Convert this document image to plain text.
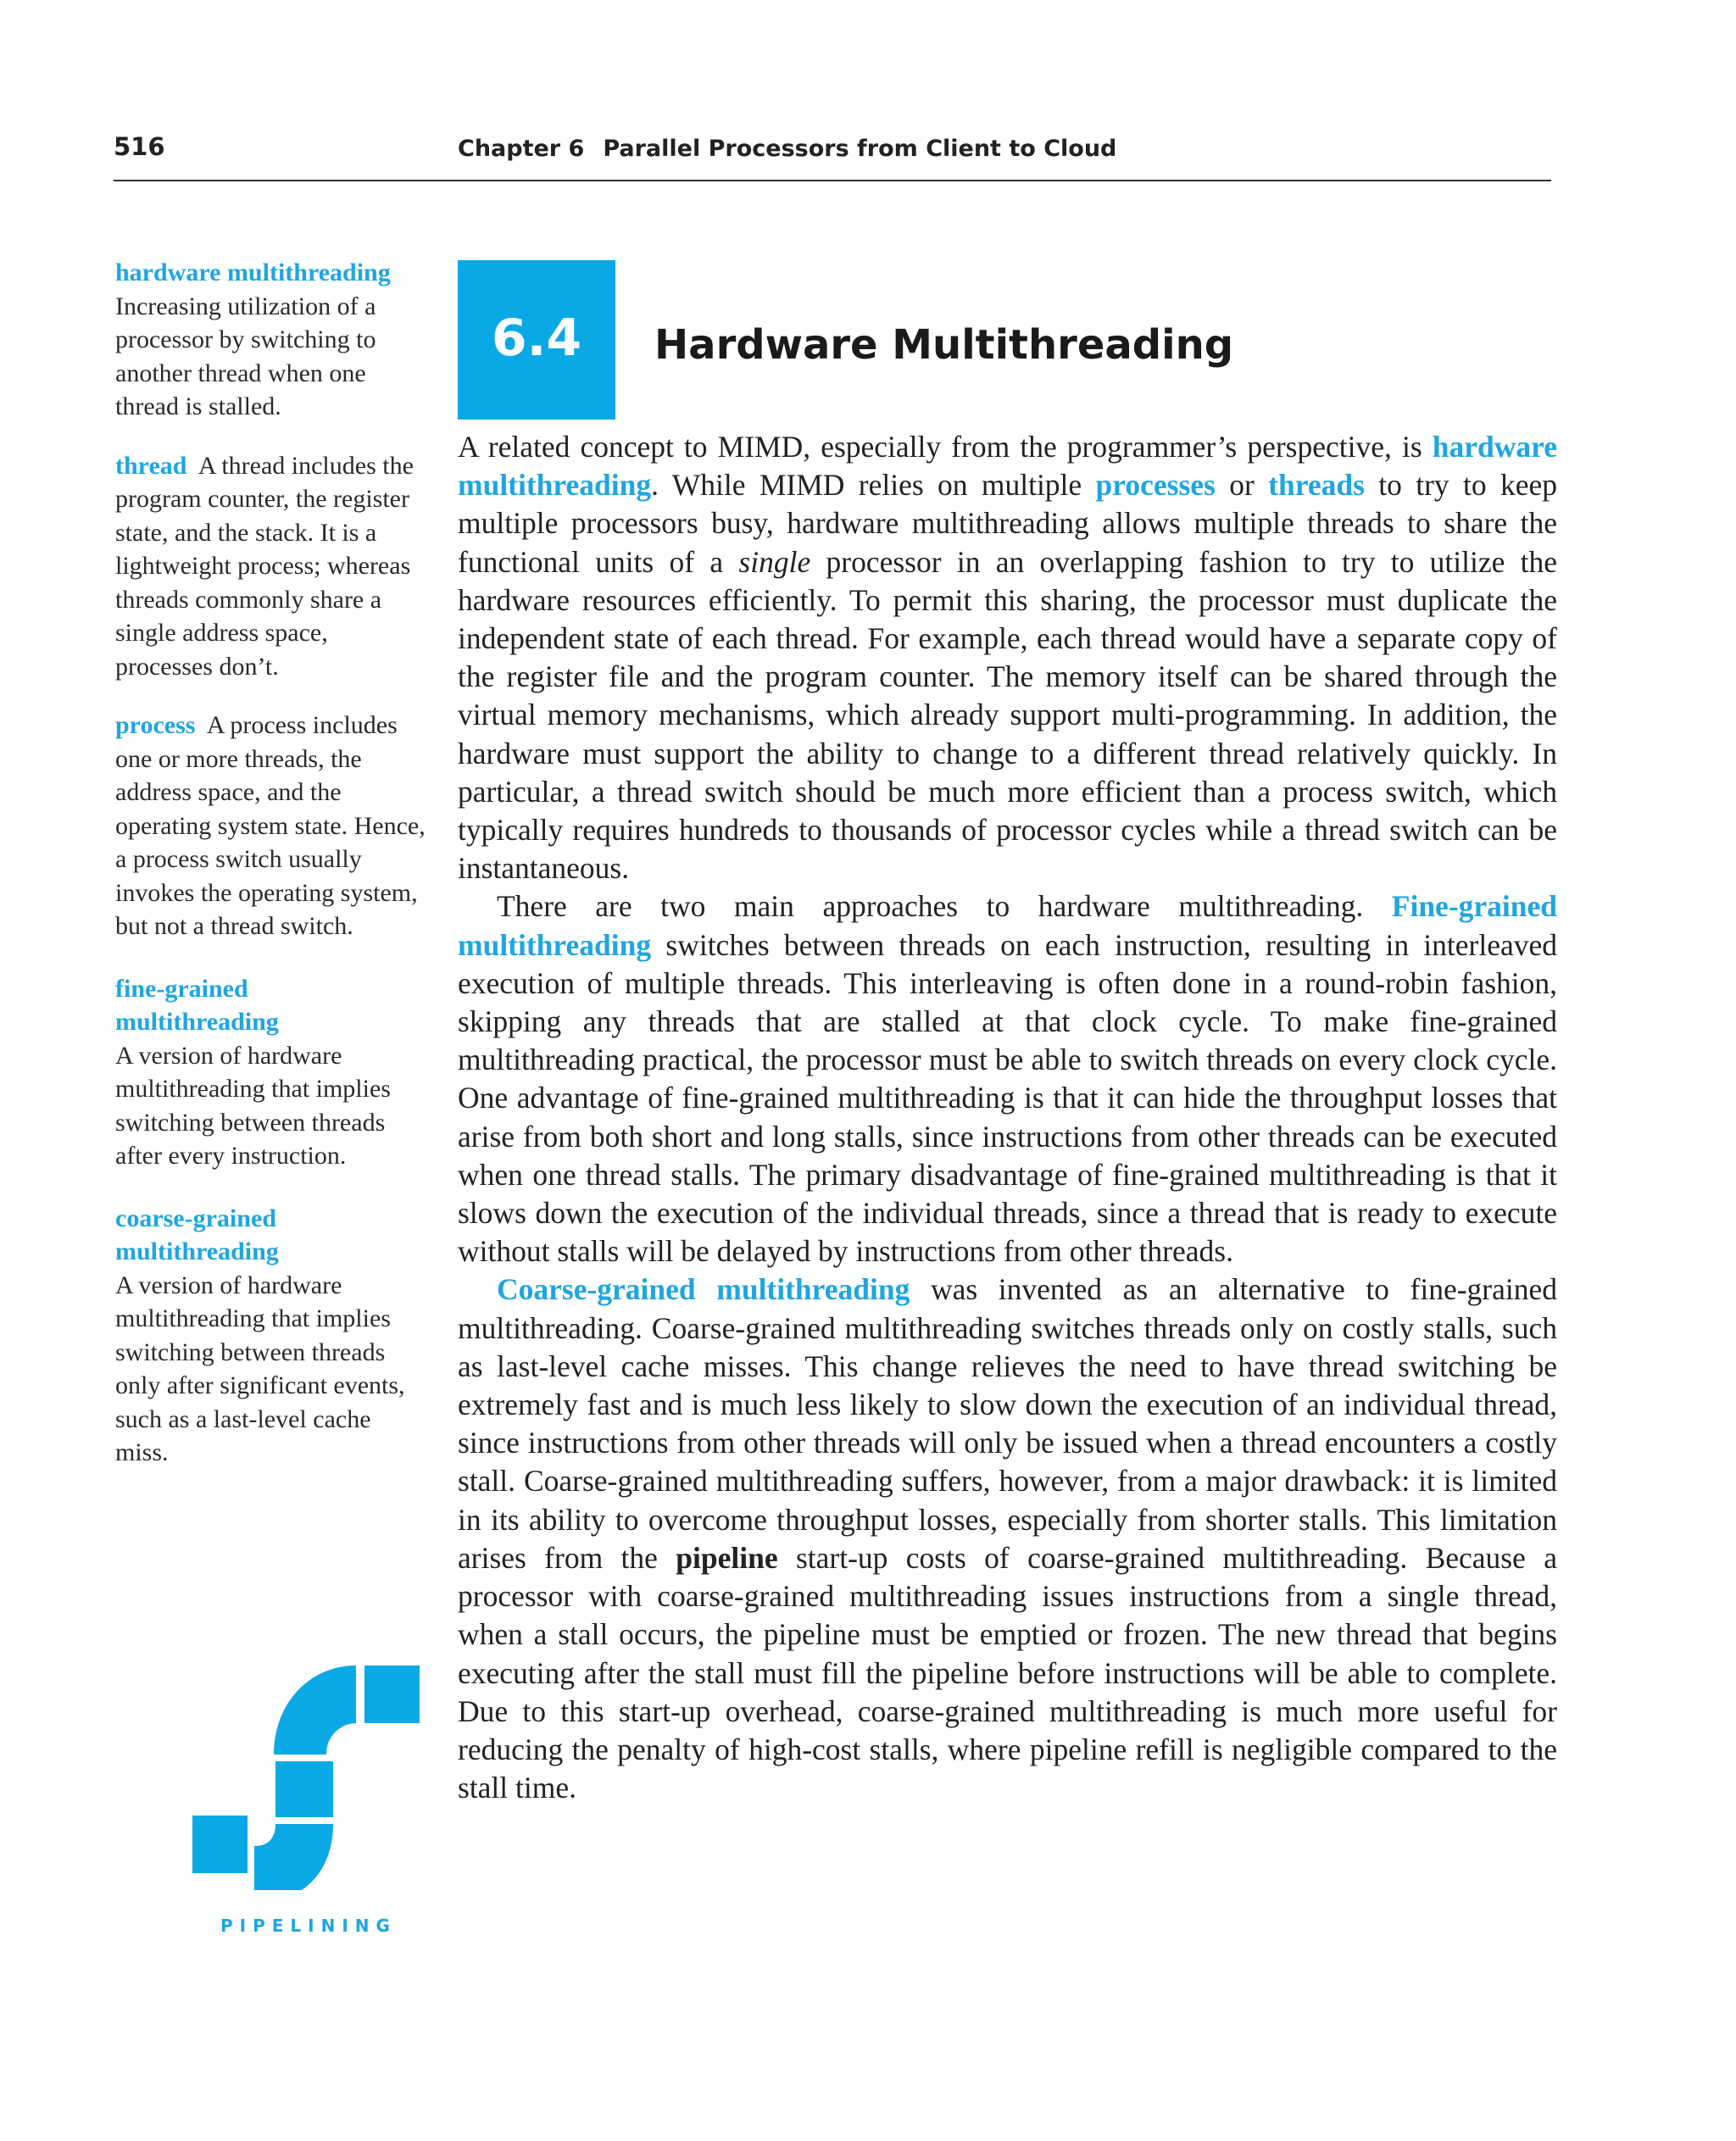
516	Chapter 6 Parallel Processors from Client to Cloud
6.4	Hardware Multithreading
hardware multithreading
Increasing utilization of a processor by switching to another thread when one thread is stalled.
thread A thread includes the program counter, the register state, and the stack. It is a lightweight process; whereas threads commonly share a single address space, processes don’t.
process A process includes one or more threads, the address space, and the operating system state. Hence, a process switch usually invokes the operating system, but not a thread switch.
fine-grained multithreading

A version of hardware multithreading that implies switching between threads after every instruction.
coarse-grained multithreading

A version of hardware multithreading that implies switching between threads only after significant events, such as a last-level cache miss.
PIPELINING

A related concept to MIMD, especially from the programmer’s perspective, is hardware multithreading. While MIMD relies on multiple processes or threads to try to keep multiple processors busy, hardware multithreading allows multiple threads to share the functional units of a single processor in an overlapping fashion to try to utilize the hardware resources efficiently. To permit this sharing, the processor must duplicate the independent state of each thread. For example, each thread would have a separate copy of the register file and the program counter. The memory itself can be shared through the virtual memory mechanisms, which already support multi-programming. In addition, the hardware must support the ability to change to a different thread relatively quickly. In particular, a thread switch should be much more efficient than a process switch, which typically requires hundreds to thousands of processor cycles while a thread switch can be instantaneous.

There are two main approaches to hardware multithreading. Fine-grained multithreading switches between threads on each instruction, resulting in interleaved execution of multiple threads. This interleaving is often done in a round-robin fashion, skipping any threads that are stalled at that clock cycle. To make fine-grained multithreading practical, the processor must be able to switch threads on every clock cycle. One advantage of fine-grained multithreading is that it can hide the throughput losses that arise from both short and long stalls, since instructions from other threads can be executed when one thread stalls. The primary disadvantage of fine-grained multithreading is that it slows down the execution of the individual threads, since a thread that is ready to execute without stalls will be delayed by instructions from other threads.

Coarse-grained multithreading was invented as an alternative to fine-grained multithreading. Coarse-grained multithreading switches threads only on costly stalls, such as last-level cache misses. This change relieves the need to have thread switching be extremely fast and is much less likely to slow down the execution of an individual thread, since instructions from other threads will only be issued when a thread encounters a costly stall. Coarse-grained multithreading suffers, however, from a major drawback: it is limited in its ability to overcome throughput losses, especially from shorter stalls. This limitation arises from the pipeline start-up costs of coarse-grained multithreading. Because a processor with coarse-grained multithreading issues instructions from a single thread, when a stall occurs, the pipeline must be emptied or frozen. The new thread that begins executing after the stall must fill the pipeline before instructions will be able to complete. Due to this start-up overhead, coarse-grained multithreading is much more useful for reducing the penalty of high-cost stalls, where pipeline refill is negligible compared to the stall time.
